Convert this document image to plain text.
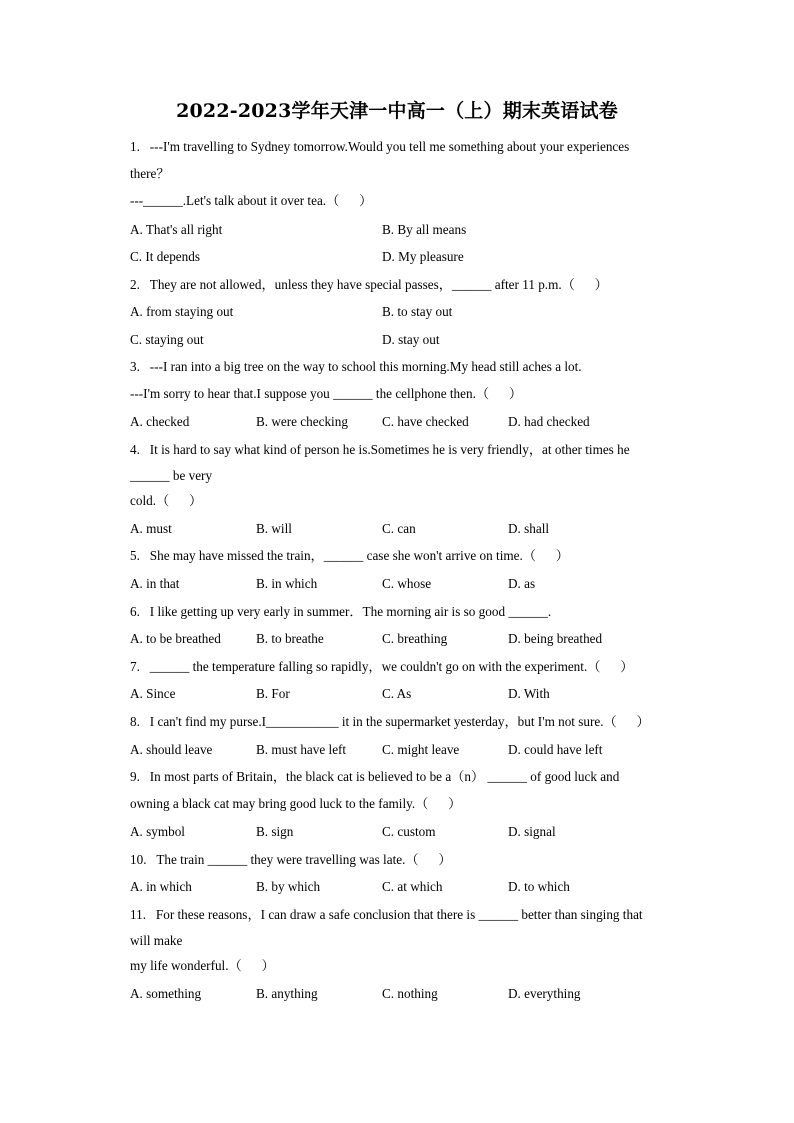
2022-2023学年天津一中高一（上）期末英语试卷
1.   ---I'm travelling to Sydney tomorrow.Would you tell me something about your experiences
there？
---______.Let's talk about it over tea.（      ）
A. That's all right	B. By all means
C. It depends	D. My pleasure
2.   They are not allowed，unless they have special passes，______ after 11 p.m.（      ）
A. from staying out	B. to stay out
C. staying out	D. stay out
3.   ---I ran into a big tree on the way to school this morning.My head still aches a lot.
---I'm sorry to hear that.I suppose you ______ the cellphone then.（      ）
A. checked	B. were checking	C. have checked	D. had checked
4.   It is hard to say what kind of person he is.Sometimes he is very friendly，at other times he
______ be very
cold.（      ）
A. must	B. will	C. can	D. shall
5.   She may have missed the train，______ case she won't arrive on time.（      ）
A. in that	B. in which	C. whose	D. as
6.   I like getting up very early in summer．The morning air is so good ______.
A. to be breathed	B. to breathe	C. breathing	D. being breathed
7.   ______ the temperature falling so rapidly，we couldn't go on with the experiment.（      ）
A. Since	B. For	C. As	D. With
8.   I can't find my purse.I___________ it in the supermarket yesterday，but I'm not sure.（      ）
A. should leave	B. must have left	C. might leave	D. could have left
9.   In most parts of Britain，the black cat is believed to be a（n） ______ of good luck and
owning a black cat may bring good luck to the family.（      ）
A. symbol	B. sign	C. custom	D. signal
10.   The train ______ they were travelling was late.（      ）
A. in which	B. by which	C. at which	D. to which
11.   For these reasons，I can draw a safe conclusion that there is ______ better than singing that
will make
my life wonderful.（      ）
A. something	B. anything	C. nothing	D. everything
